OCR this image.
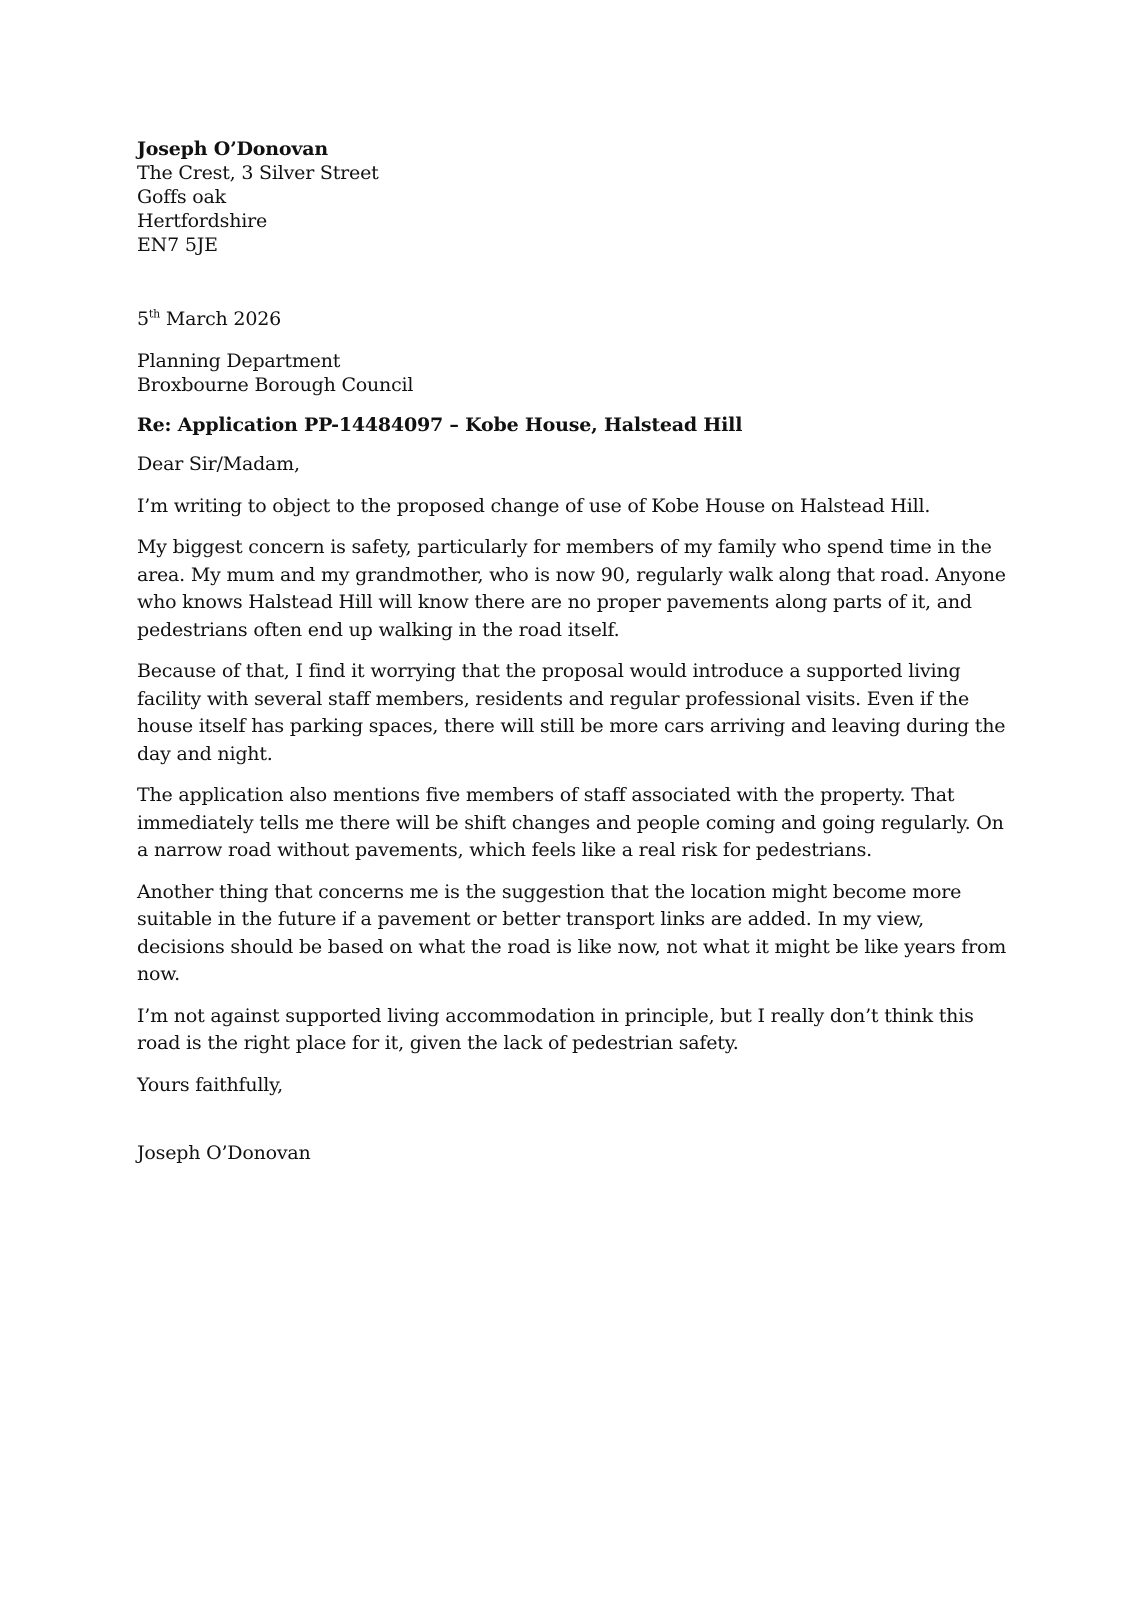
Joseph O’Donovan
The Crest, 3 Silver Street
Goffs oak
Hertfordshire
EN7 5JE
5th March 2026
Planning Department
Broxbourne Borough Council
Re: Application PP-14484097 – Kobe House, Halstead Hill

Dear Sir/Madam,

I’m writing to object to the proposed change of use of Kobe House on Halstead Hill.

My biggest concern is safety, particularly for members of my family who spend time in the area. My mum and my grandmother, who is now 90, regularly walk along that road. Anyone who knows Halstead Hill will know there are no proper pavements along parts of it, and pedestrians often end up walking in the road itself.

Because of that, I find it worrying that the proposal would introduce a supported living facility with several staff members, residents and regular professional visits. Even if the house itself has parking spaces, there will still be more cars arriving and leaving during the day and night.

The application also mentions five members of staff associated with the property. That immediately tells me there will be shift changes and people coming and going regularly. On a narrow road without pavements, which feels like a real risk for pedestrians.

Another thing that concerns me is the suggestion that the location might become more suitable in the future if a pavement or better transport links are added. In my view, decisions should be based on what the road is like now, not what it might be like years from now.

I’m not against supported living accommodation in principle, but I really don’t think this road is the right place for it, given the lack of pedestrian safety.

Yours faithfully,

Joseph O’Donovan
